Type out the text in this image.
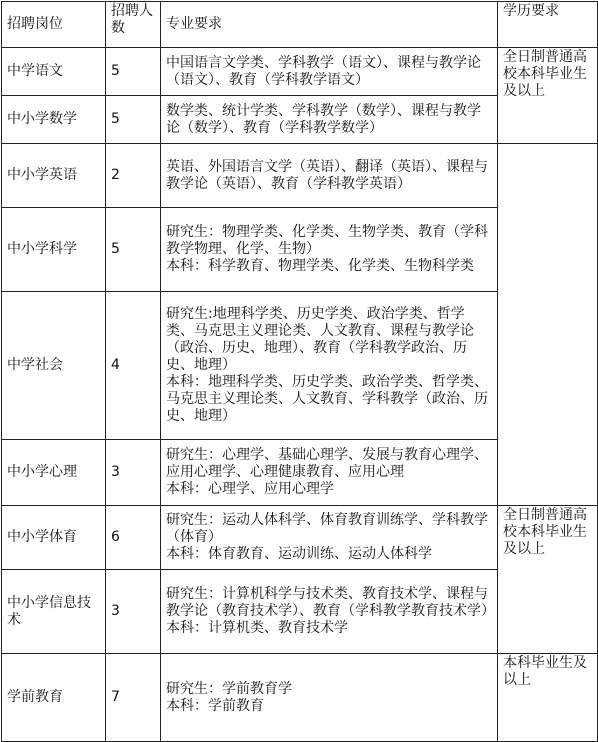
招聘岗位	招聘人数	专业要求	学历要求
中学语文	5	中国语言文学类、学科教学（语文）、课程与教学论（语文）、教育（学科教学语文）	全日制普通高校本科毕业生及以上
中小学数学	5	数学类、统计学类、学科教学（数学）、课程与教学论（数学）、教育（学科教学数学）	

中小学英语	2	英语、外国语言文学（英语）、翻译（英语）、课程与教学论（英语）、教育（学科教学英语）	

中小学科学	5	研究生：物理学类、化学类、生物学类、教育（学科教学物理、化学、生物）
本科：科学教育、物理学类、化学类、生物科学类	

中学社会	4	研究生:地理科学类、历史学类、政治学类、哲学类、马克思主义理论类、人文教育、课程与教学论（政治、历史、地理）、教育（学科教学政治、历史、地理）
本科：地理科学类、历史学类、政治学类、哲学类、马克思主义理论类、人文教育、学科教学（政治、历史、地理）	

中小学心理	3	研究生：心理学、基础心理学、发展与教育心理学、应用心理学、心理健康教育、应用心理
本科：心理学、应用心理学	

中小学体育	6	研究生：运动人体科学、体育教育训练学、学科教学（体育）
本科：体育教育、运动训练、运动人体科学	全日制普通高校本科毕业生及以上
中小学信息技术	3	研究生：计算机科学与技术类、教育技术学、课程与教学论（教育技术学）、教育（学科教学教育技术学）
本科：计算机类、教育技术学	

学前教育	7	研究生：学前教育学
本科：学前教育	本科毕业生及以上
